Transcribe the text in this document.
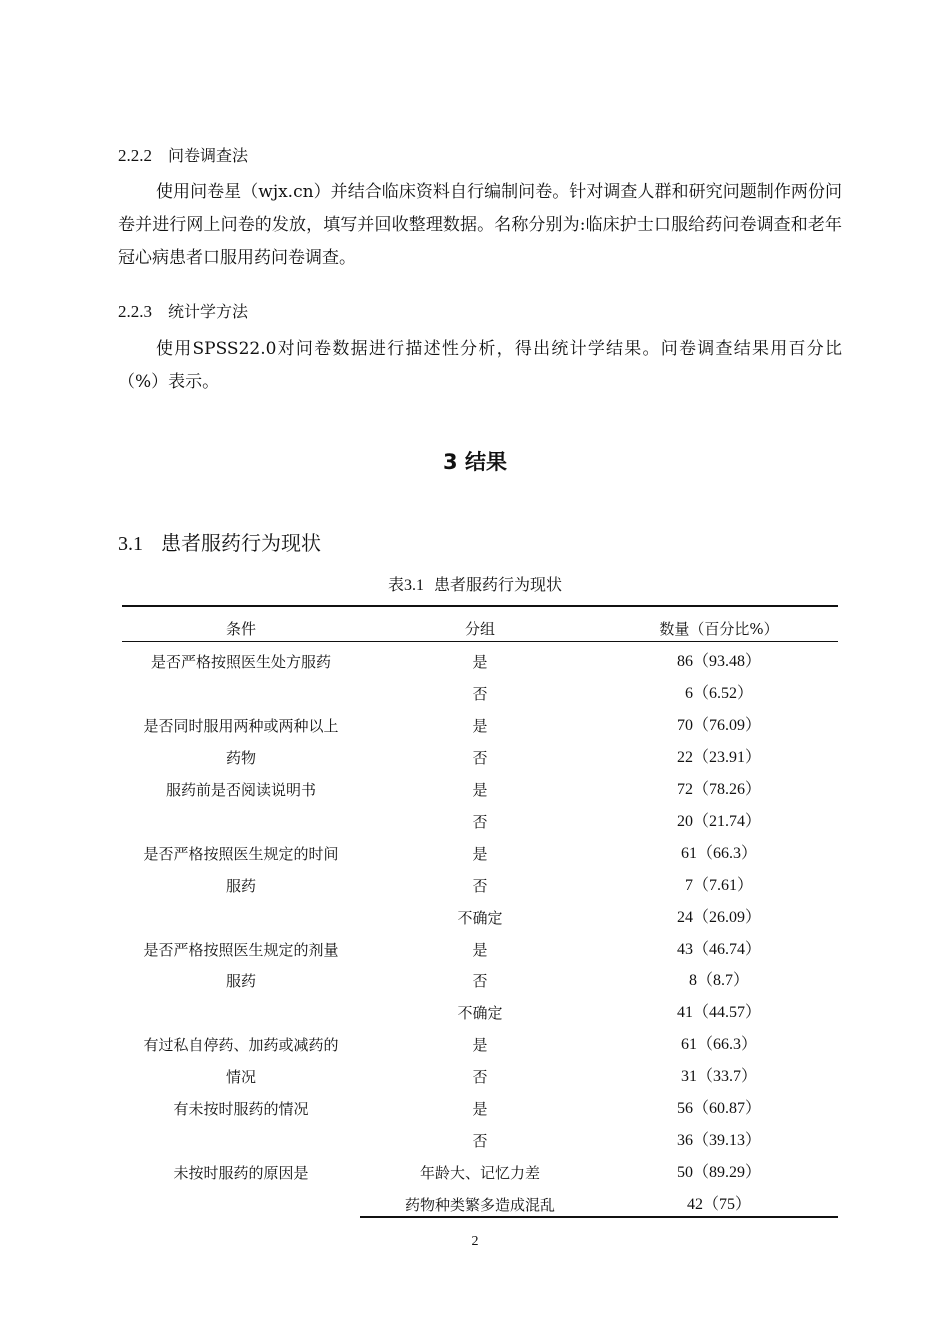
2.2.2 问卷调查法
使用问卷星（wjx.cn）并结合临床资料自行编制问卷。针对调查人群和研究问题制作两份问卷并进行网上问卷的发放，填写并回收整理数据。名称分别为:临床护士口服给药问卷调查和老年冠心病患者口服用药问卷调查。
2.2.3 统计学方法
使用SPSS22.0对问卷数据进行描述性分析，得出统计学结果。问卷调查结果用百分比（%）表示。
3 结果
3.1 患者服药行为现状
表3.1 患者服药行为现状
条件	分组	数量（百分比%）
是否严格按照医生处方服药
是否同时服用两种或两种以上
药物
服药前是否阅读说明书
是否严格按照医生规定的时间
服药
是否严格按照医生规定的剂量
服药
有过私自停药、加药或减药的
情况
有未按时服药的情况
未按时服药的原因是
是
否
是
否
是
否
是
否
不确定
是
否
不确定
是
否
是
否
年龄大、记忆力差
药物种类繁多造成混乱
86（93.48）
6（6.52）
70（76.09）
22（23.91）
72（78.26）
20（21.74）
61（66.3）
7（7.61）
24（26.09）
43（46.74）
8（8.7）
41（44.57）
61（66.3）
31（33.7）
56（60.87）
36（39.13）
50（89.29）
42（75）
2
